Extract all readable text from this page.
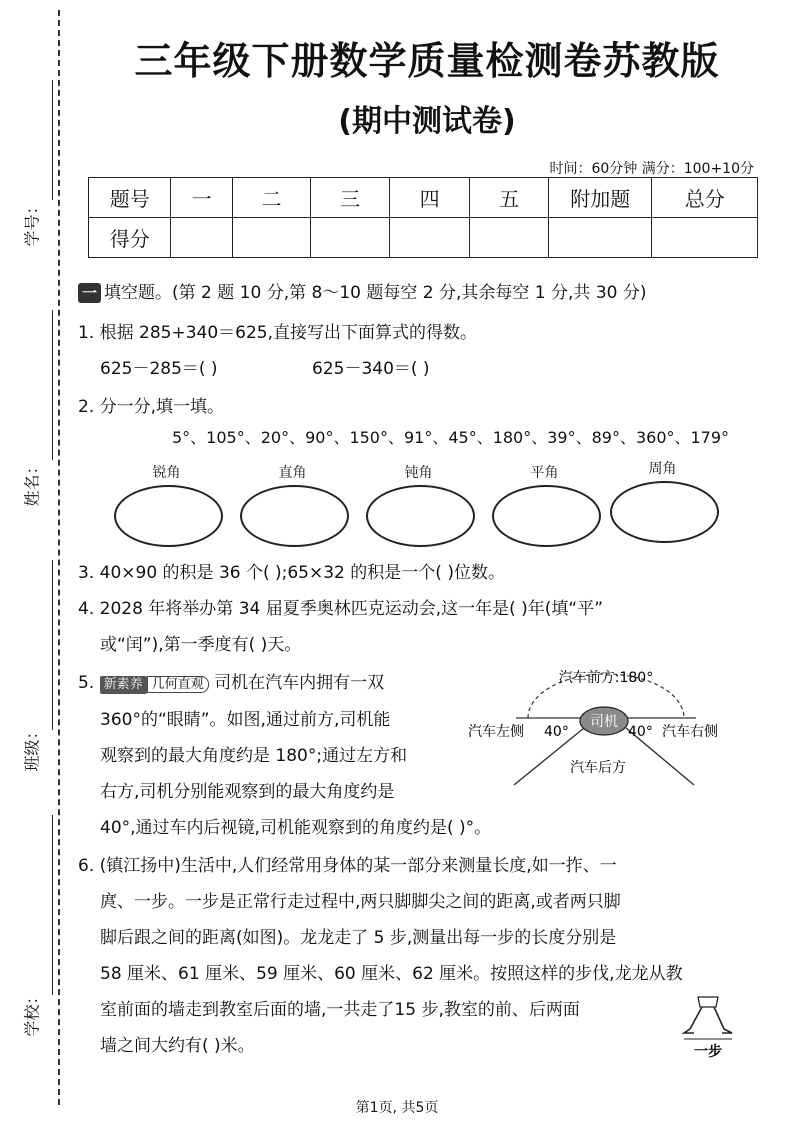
学号：
姓名：
班级：
学校：
三年级下册数学质量检测卷苏教版
(期中测试卷)
时间：60分钟 满分：100+10分
题号	一	二	三	四	五	附加题	总分
得分							
一 填空题。(第 2 题 10 分,第 8～10 题每空 2 分,其余每空 1 分,共 30 分)
1. 根据 285+340＝625,直接写出下面算式的得数。
625－285＝( )	625－340＝( )
2. 分一分,填一填。
5°、105°、20°、90°、150°、91°、45°、180°、39°、89°、360°、179°
锐角	直角	钝角	平角	周角
3. 40×90 的积是 36 个( );65×32 的积是一个( )位数。
4. 2028 年将举办第 34 届夏季奥林匹克运动会,这一年是( )年(填“平”
或“闰”),第一季度有( )天。
5. 新素养 几何直观 司机在汽车内拥有一双
360°的“眼睛”。如图,通过前方,司机能
观察到的最大角度约是 180°;通过左方和
右方,司机分别能观察到的最大角度约是
40°,通过车内后视镜,司机能观察到的角度约是( )°。
司机
汽车前方:180°
汽车左侧 40°	40° 汽车右侧
汽车后方
6. (镇江扬中)生活中,人们经常用身体的某一部分来测量长度,如一拃、一
庹、一步。一步是正常行走过程中,两只脚脚尖之间的距离,或者两只脚
脚后跟之间的距离(如图)。龙龙走了 5 步,测量出每一步的长度分别是
58 厘米、61 厘米、59 厘米、60 厘米、62 厘米。按照这样的步伐,龙龙从教
室前面的墙走到教室后面的墙,一共走了15 步,教室的前、后两面
墙之间大约有( )米。	一步
第1页, 共5页
